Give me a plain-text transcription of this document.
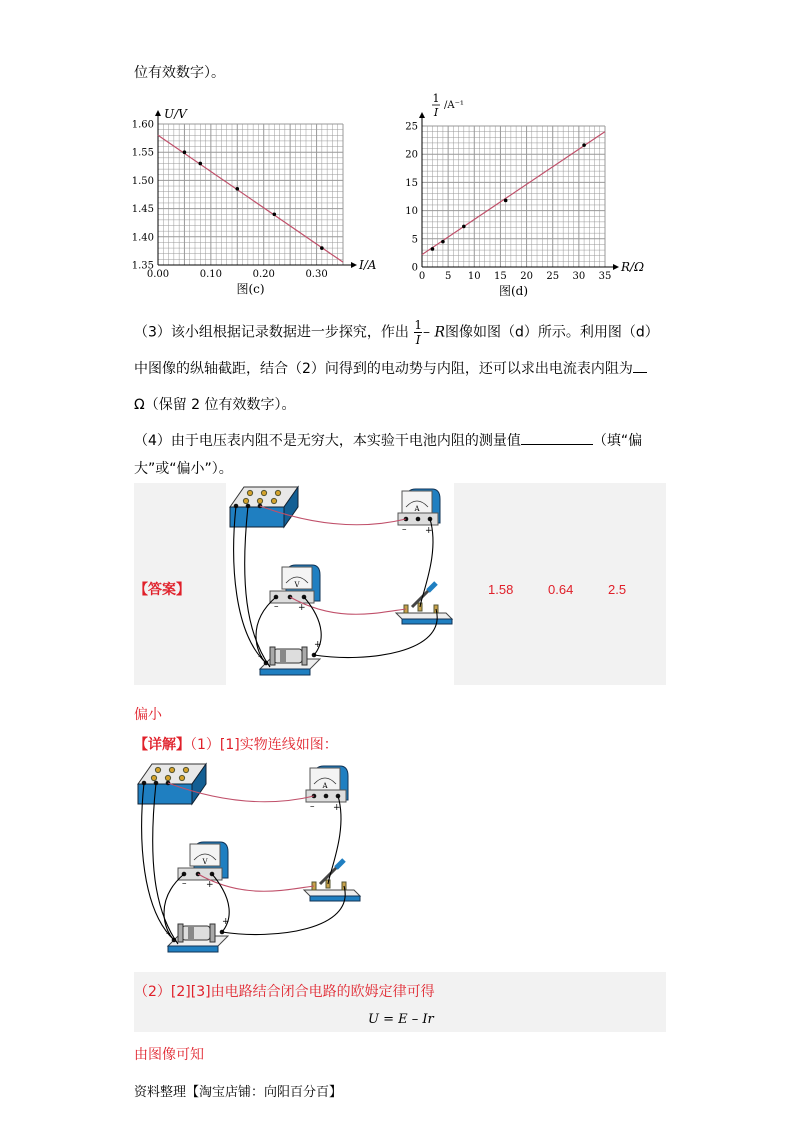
位有效数字）。
0.00	0.10	0.20	0.30
1.35
1.40
1.45
1.50
1.55
1.60
I/A
U/V
图(c)
0 5 10 15 20 25 30 35
0
5
10
15
20
25
R/Ω
1
I
/A⁻¹
图(d)
（3）该小组根据记录数据进一步探究，作出 $\frac{1}{I}$ – R图像如图（d）所示。利用图（d）
中图像的纵轴截距，结合（2）问得到的电动势与内阻，还可以求出电流表内阻为
Ω（保留 2 位有效数字）。
（4）由于电压表内阻不是无穷大，本实验干电池内阻的测量值	（填“偏
大”或“偏小”）。
【答案】
A
– +
V
– +
–
+
1.58	0.64	2.5
偏小
【详解】（1）[1]实物连线如图：
A
– +
V
– +
–
+
（2）[2][3]由电路结合闭合电路的欧姆定律可得
U = E – Ir
由图像可知
资料整理【淘宝店铺：向阳百分百】
